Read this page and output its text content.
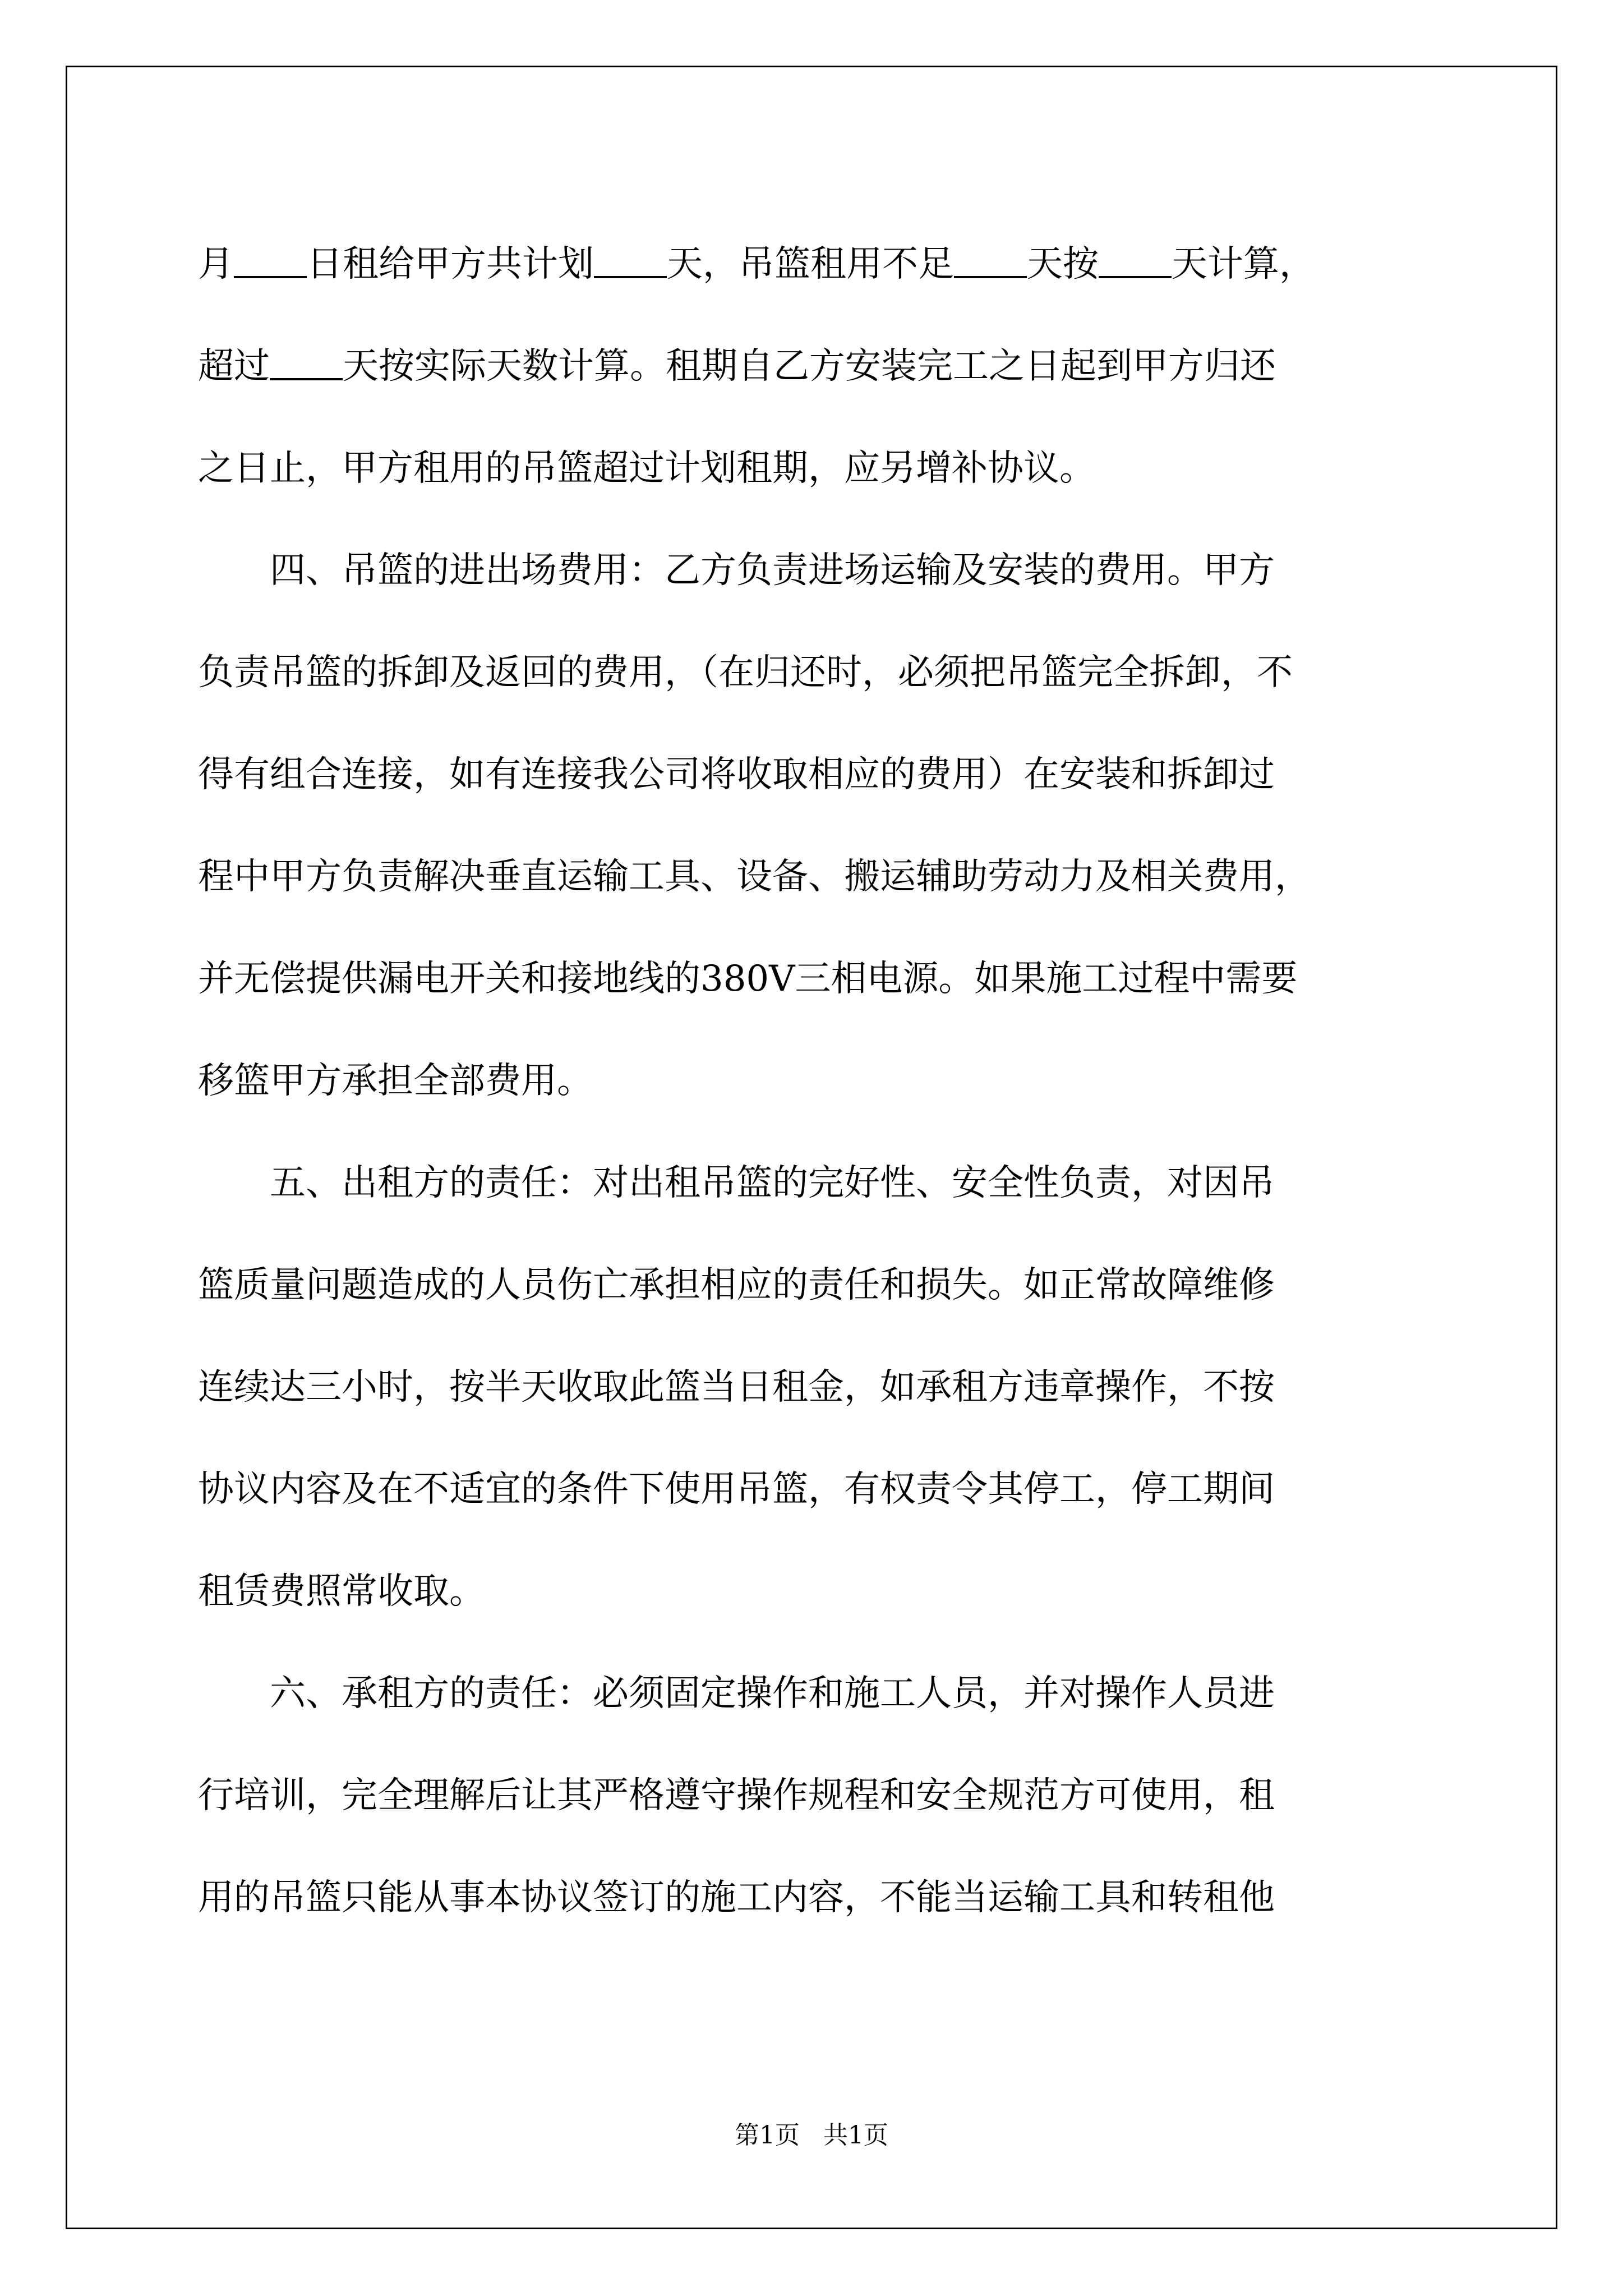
月 日租给甲方共计划 天，吊篮租用不足 天按 天计算，

超过 天按实际天数计算。租期自乙方安装完工之日起到甲方归还

之日止，甲方租用的吊篮超过计划租期，应另增补协议。

四、吊篮的进出场费用：乙方负责进场运输及安装的费用。甲方

负责吊篮的拆卸及返回的费用，（在归还时，必须把吊篮完全拆卸，不

得有组合连接，如有连接我公司将收取相应的费用）在安装和拆卸过

程中甲方负责解决垂直运输工具、设备、搬运辅助劳动力及相关费用，

并无偿提供漏电开关和接地线的380V三相电源。如果施工过程中需要

移篮甲方承担全部费用。

五、出租方的责任：对出租吊篮的完好性、安全性负责，对因吊

篮质量问题造成的人员伤亡承担相应的责任和损失。如正常故障维修

连续达三小时，按半天收取此篮当日租金，如承租方违章操作，不按

协议内容及在不适宜的条件下使用吊篮，有权责令其停工，停工期间

租赁费照常收取。

六、承租方的责任：必须固定操作和施工人员，并对操作人员进

行培训，完全理解后让其严格遵守操作规程和安全规范方可使用，租

用的吊篮只能从事本协议签订的施工内容，不能当运输工具和转租他

第1页 共1页
